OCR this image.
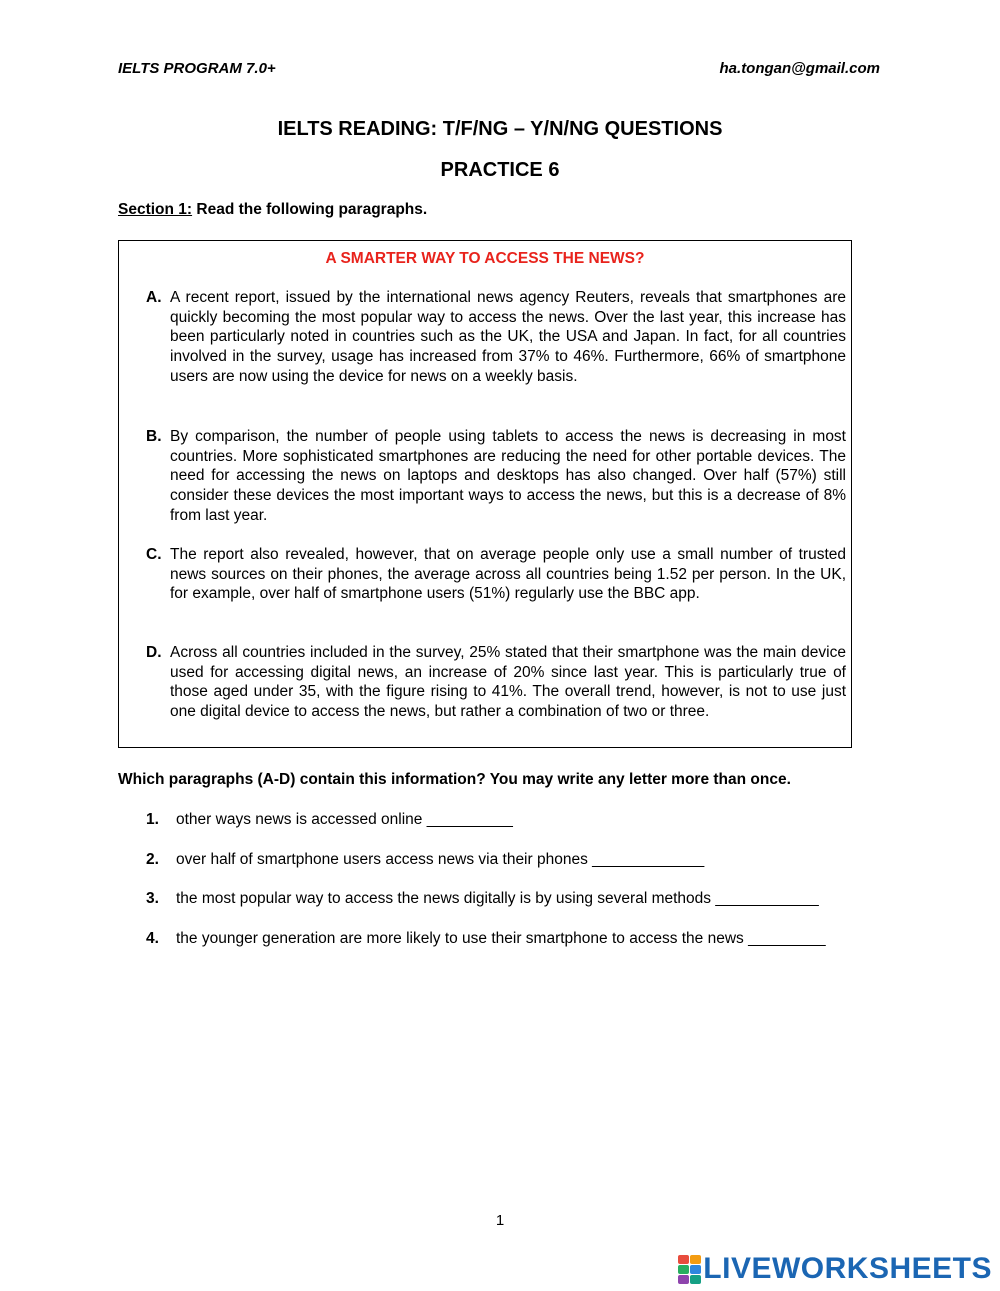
IELTS PROGRAM 7.0+	ha.tongan@gmail.com
IELTS READING: T/F/NG – Y/N/NG QUESTIONS
PRACTICE 6
Section 1: Read the following paragraphs.
A SMARTER WAY TO ACCESS THE NEWS?
A. A recent report, issued by the international news agency Reuters, reveals that smartphones are quickly becoming the most popular way to access the news. Over the last year, this increase has been particularly noted in countries such as the UK, the USA and Japan. In fact, for all countries involved in the survey, usage has increased from 37% to 46%. Furthermore, 66% of smartphone users are now using the device for news on a weekly basis.
B. By comparison, the number of people using tablets to access the news is decreasing in most countries. More sophisticated smartphones are reducing the need for other portable devices. The need for accessing the news on laptops and desktops has also changed. Over half (57%) still consider these devices the most important ways to access the news, but this is a decrease of 8% from last year.
C. The report also revealed, however, that on average people only use a small number of trusted news sources on their phones, the average across all countries being 1.52 per person. In the UK, for example, over half of smartphone users (51%) regularly use the BBC app.
D. Across all countries included in the survey, 25% stated that their smartphone was the main device used for accessing digital news, an increase of 20% since last year. This is particularly true of those aged under 35, with the figure rising to 41%. The overall trend, however, is not to use just one digital device to access the news, but rather a combination of two or three.
Which paragraphs (A-D) contain this information? You may write any letter more than once.
1. other ways news is accessed online __________
2. over half of smartphone users access news via their phones _____________
3. the most popular way to access the news digitally is by using several methods ____________
4. the younger generation are more likely to use their smartphone to access the news _________
1
LIVEWORKSHEETS
